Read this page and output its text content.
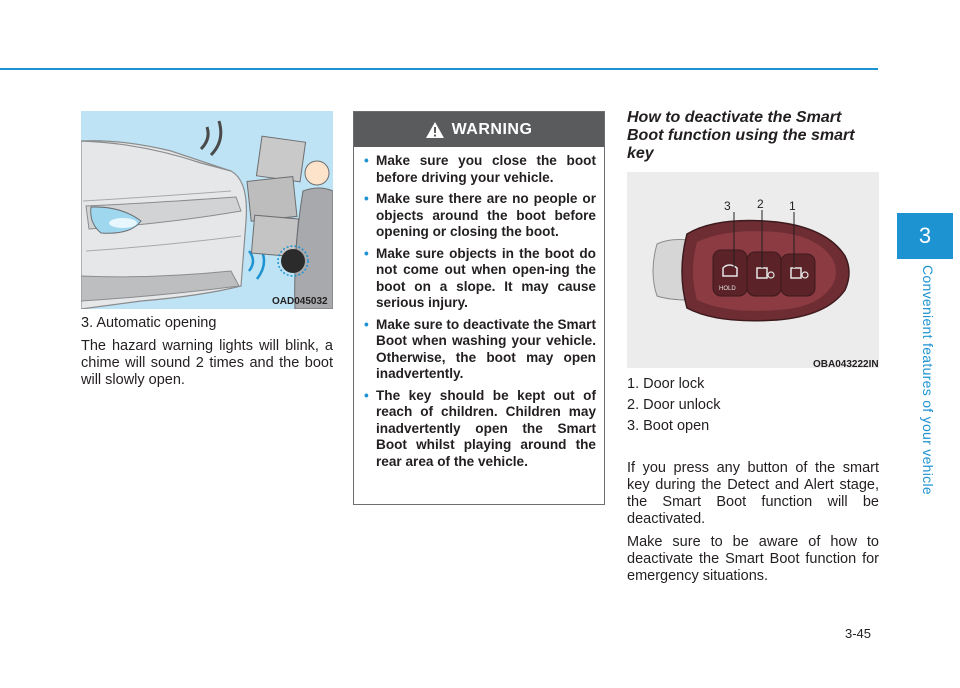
3
Convenient features of your vehicle
OAD045032

3. Automatic opening

The hazard warning lights will blink, a chime will sound 2 times and the boot will slowly open.

WARNING
• Make sure you close the boot before driving your vehicle.
• Make sure there are no people or objects around the boot before opening or closing the boot.
• Make sure objects in the boot do not come out when open-ing the boot on a slope. It may cause serious injury.
• Make sure to deactivate the Smart Boot when washing your vehicle. Otherwise, the boot may open inadvertently.
• The key should be kept out of reach of children. Children may inadvertently open the Smart Boot whilst playing around the rear area of the vehicle.
How to deactivate the Smart Boot function using the smart key
HOLD
3 2 1
OBA043222IN

1. Door lock

2. Door unlock

3. Boot open

If you press any button of the smart key during the Detect and Alert stage, the Smart Boot function will be deactivated.

Make sure to be aware of how to deactivate the Smart Boot function for emergency situations.

3-45
